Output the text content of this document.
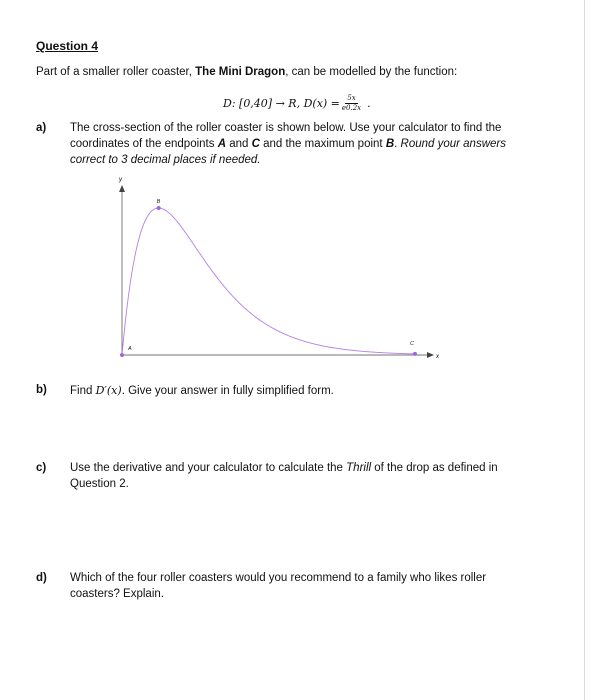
Question 4
Part of a smaller roller coaster, The Mini Dragon, can be modelled by the function:
D: [0,40] → R, $D(x) = \frac{5x}{e0.2x}$ .
a) The cross-section of the roller coaster is shown below. Use your calculator to find the
coordinates of the endpoints A and C and the maximum point B. Round your answers
correct to 3 decimal places if needed.
y
x
A
B
C
b) Find D′(x). Give your answer in fully simplified form.
c) Use the derivative and your calculator to calculate the Thrill of the drop as defined in
Question 2.
d) Which of the four roller coasters would you recommend to a family who likes roller
coasters? Explain.
